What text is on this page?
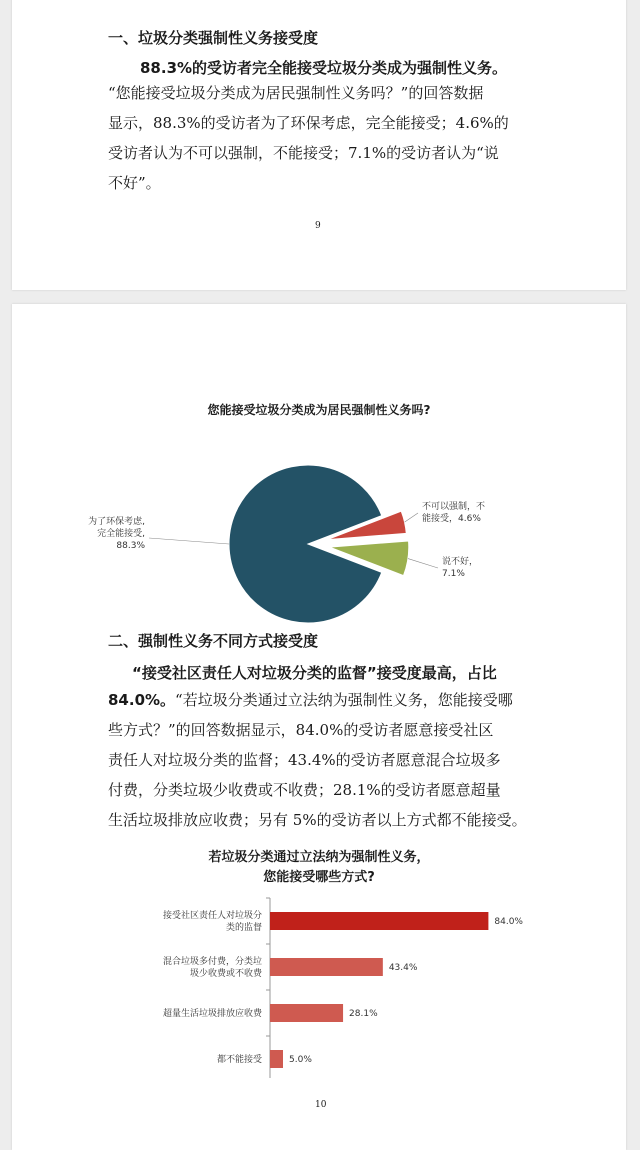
一、垃圾分类强制性义务接受度
88.3%的受访者完全能接受垃圾分类成为强制性义务。
“您能接受垃圾分类成为居民强制性义务吗？”的回答数据
显示，88.3%的受访者为了环保考虑，完全能接受；4.6%的
受访者认为不可以强制，不能接受；7.1%的受访者认为“说
不好”。
9
您能接受垃圾分类成为居民强制性义务吗?
为了环保考虑,完全能接受, 88.3%
不可以强制，不能接受，4.6%
说不好， 7.1%
二、强制性义务不同方式接受度
“接受社区责任人对垃圾分类的监督”接受度最高，占比
84.0%。“若垃圾分类通过立法纳为强制性义务，您能接受哪
些方式？”的回答数据显示，84.0%的受访者愿意接受社区
责任人对垃圾分类的监督；43.4%的受访者愿意混合垃圾多
付费，分类垃圾少收费或不收费；28.1%的受访者愿意超量
生活垃圾排放应收费；另有 5%的受访者以上方式都不能接受。
若垃圾分类通过立法纳为强制性义务，
您能接受哪些方式?
84.0%
接受社区责任人对垃圾分类的监督
43.4%
混合垃圾多付费，分类垃圾少收费或不收费
28.1%
超量生活垃圾排放应收费
5.0%
都不能接受
10
